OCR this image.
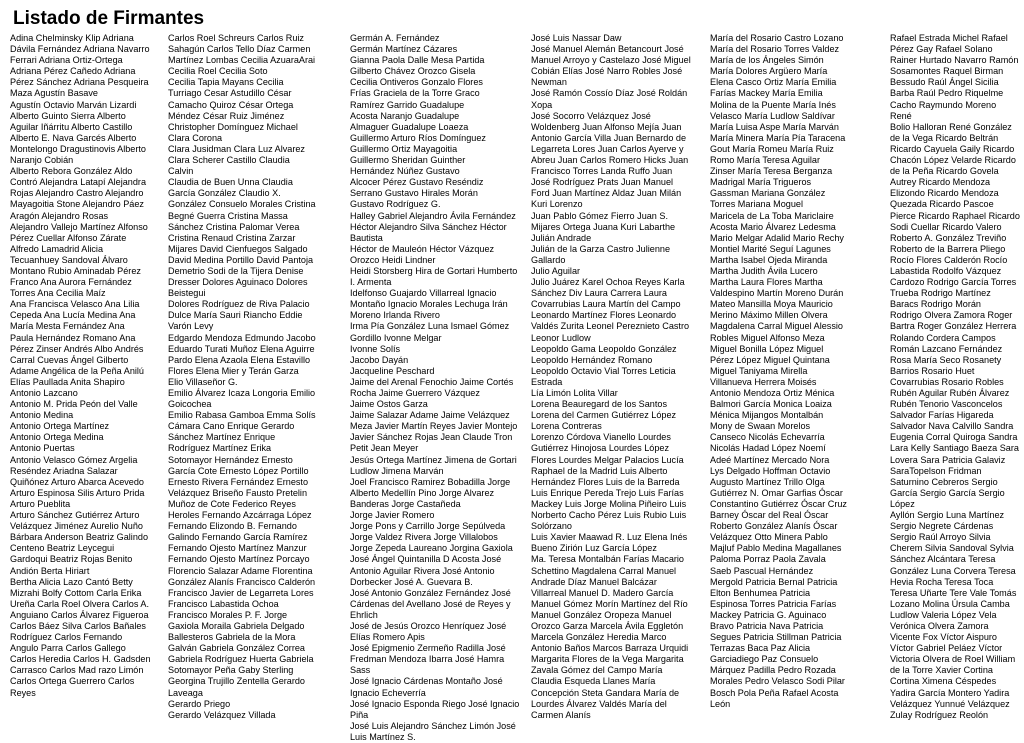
Listado de Firmantes
Adina Chelminsky Klip Adriana
Dávila Fernández Adriana Navarro
Ferrari Adriana Ortiz-Ortega
Adriana Pérez Cañedo Adriana
Pérez Sánchez Adriana Pesqueira
Maza Agustín Basave
Agustín Octavio Marván Lizardi
Alberto Guinto Sierra Alberto
Aguilar Iñárritu Alberto Castillo
Alberto E. Nava Garcés Alberto
Montelongo Dragustinovis Alberto
Naranjo Cobián
Alberto Rebora González Aldo
Contró Alejandra Latapí Alejandra
Rojas Alejandro Castro Alejandro
Mayagoitia Stone Alejandro Páez
Aragón Alejandro Rosas
Alejandro Vallejo Martínez Alfonso
Pérez Cuellar Alfonso Zárate
Alfredo Lamadrid Alicia
Tecuanhuey Sandoval Álvaro
Montano Rubio Aminadab Pérez
Franco Ana Aurora Fernández
Torres Ana Cecilia Maíz
Ana Francisca Velasco Ana Lilia
Cepeda Ana Lucía Medina Ana
María Mesta Fernández Ana
Paula Hernández Romano Ana
Pérez Zinser Andrés Albo Andrés
Carral Cuevas Ángel Gilberto
Adame Angélica de la Peña Anilú
Elías Paullada Anita Shapiro
Antonio Lazcano
Antonio M. Prida Peón del Valle
Antonio Medina
Antonio Ortega Martínez
Antonio Ortega Medina
Antonio Puertas
Antonio Velasco Gómez Argelia
Reséndez Ariadna Salazar
Quiñónez Arturo Abarca Acevedo
Arturo Espinosa Silis Arturo Prida
Arturo Pueblita
Arturo Sánchez Gutiérrez Arturo
Velázquez Jiménez Aurelio Nuño
Bárbara Anderson Beatriz Galindo
Centeno Beatriz Leycegui
Gardoqui Beatriz Rojas Benito
Andión Berta Hiriart
Bertha Alicia Lazo Cantó Betty
Mizrahi Bolfy Cottom Carla Erika
Ureña Carla Roel Olvera Carlos A.
Anguiano Carlos Álvarez Figueroa
Carlos Báez Silva Carlos Bañales
Rodríguez Carlos Fernando
Angulo Parra Carlos Gallego
Carlos Heredia Carlos H. Gadsden
Carrasco Carlos Mad razo Limón
Carlos Ortega Guerrero Carlos
Reyes
Carlos Roel Schreurs Carlos Ruiz
Sahagún Carlos Tello Díaz Carmen
Martínez Lombas Cecilia AzuaraArai
Cecilia Roel Cecilia Soto
Cecilia Tapia Mayans Cecilia
Turriago Cesar Astudillo César
Camacho Quiroz César Ortega
Méndez César Ruiz Jiménez
Christopher Domínguez Michael
Clara Corona
Clara Jusidman Clara Luz Alvarez
Clara Scherer Castillo Claudia
Calvin
Claudia de Buen Unna Claudia
García González Claudio X.
González Consuelo Morales Cristina
Begné Guerra Cristina Massa
Sánchez Cristina Palomar Verea
Cristina Renaud Cristina Zarzar
Mijares David Cienfuegos Salgado
David Medina Portillo David Pantoja
Demetrio Sodi de la Tijera Denise
Dresser Dolores Aguinaco Dolores
Beistegui
Dolores Rodríguez de Riva Palacio
Dulce María Sauri Riancho Eddie
Varón Levy
Edgardo Mendoza Edmundo Jacobo
Eduardo Turati Muñoz Elena Aguirre
Pardo Elena Azaola Elena Estavillo
Flores Elena Mier y Terán Garza
Elio Villaseñor G.
Emilio Álvarez Icaza Longoria Emilio
Goicochea
Emilio Rabasa Gamboa Emma Solís
Cámara Cano Enrique Gerardo
Sánchez Martínez Enrique
Rodríguez Martínez Erika
Sotomayor Hernández Ernesto
García Cote Ernesto López Portillo
Ernesto Rivera Fernández Ernesto
Velázquez Briseño Fausto Pretelin
Muñoz de Cote Federico Reyes
Heroles Fernando Azcárraga López
Fernando Elizondo B. Fernando
Galindo Fernando García Ramírez
Fernando Ojesto Martínez Manzur
Fernando Ojesto Martínez Porcayo
Florencio Salazar Adame Florentina
González Alanís Francisco Calderón
Francisco Javier de Legarreta Lores
Francisco Labastida Ochoa
Francisco Morales P. F. Jorge
Gaxiola Moraila Gabriela Delgado
Ballesteros Gabriela de la Mora
Galván Gabriela González Correa
Gabriela Rodríguez Huerta Gabriela
Sotomayor Peña Gaby Sterling
Georgina Trujillo Zentella Gerardo
Laveaga
Gerardo Priego
Gerardo Velázquez Villada
Germán A. Fernández
Germán Martínez Cázares
Gianna Paola Dalle Mesa Partida
Gilberto Chávez Orozco Gisela
Cecilia Ontiveros Gonzalo Flores
Frías Graciela de la Torre Graco
Ramírez Garrido Guadalupe
Acosta Naranjo Guadalupe
Almaguer Guadalupe Loaeza
Guillermo Arturo Ríos Domínguez
Guillermo Ortiz Mayagoitia
Guillermo Sheridan Guinther
Hernández Núñez Gustavo
Alcocer Pérez Gustavo Reséndiz
Serrano Gustavo Hirales Morán
Gustavo Rodríguez G.
Halley Gabriel Alejandro Ávila Fernández
Héctor Alejandro Silva Sánchez Héctor
Bautista
Héctor de Mauleón Héctor Vázquez
Orozco Heidi Lindner
Heidi Storsberg Hira de Gortari Humberto
I. Armenta
Idelfonso Guajardo Villarreal Ignacio
Montaño Ignacio Morales Lechuga Irán
Moreno Irlanda Rivero
Irma Pía González Luna Ismael Gómez
Gordillo Ivonne Melgar
Ivonne Solís
Jacobo Dayán
Jacqueline Peschard
Jaime del Arenal Fenochio Jaime Cortés
Rocha Jaime Guerrero Vázquez
Jaime Ostos Garza
Jaime Salazar Adame Jaime Velázquez
Meza Javier Martín Reyes Javier Montejo
Javier Sánchez Rojas Jean Claude Tron
Petit Jean Meyer
Jesús Ortega Martínez Jimena de Gortari
Ludlow Jimena Marván
Joel Francisco Ramirez Bobadilla Jorge
Alberto Medellín Pino Jorge Alvarez
Banderas Jorge Castañeda
Jorge Javier Romero
Jorge Pons y Carrillo Jorge Sepúlveda
Jorge Valdez Rivera Jorge Villalobos
Jorge Zepeda Laureano Jorgina Gaxiola
José Ángel Quintanilla D Acosta José
Antonio Aguilar Rivera José Antonio
Dorbecker José A. Guevara B.
José Antonio González Fernández José
Cárdenas del Avellano José de Reyes y
Ehrlich
José de Jesús Orozco Henríquez José
Elías Romero Apis
José Epigmenio Zermeño Radilla José
Fredman Mendoza Ibarra José Hamra
Sass
José Ignacio Cárdenas Montaño José
Ignacio Echeverría
José Ignacio Esponda Riego José Ignacio
Piña
José Luis Alejandro Sánchez Limón José
Luis Martínez S.
José Luis Nassar Daw
José Manuel Alemán Betancourt José
Manuel Arroyo y Castelazo José Miguel
Cobián Elías José Narro Robles José
Newman
José Ramón Cossío Díaz José Roldán
Xopa
José Socorro Velázquez José
Woldenberg Juan Alfonso Mejía Juan
Antonio García Villa Juan Bernardo de
Legarreta Lores Juan Carlos Ayerve y
Abreu Juan Carlos Romero Hicks Juan
Francisco Torres Landa Ruffo Juan
José Rodríguez Prats Juan Manuel
Ford Juan Martínez Aldaz Juan Milán
Kuri Lorenzo
Juan Pablo Gómez Fierro Juan S.
Mijares Ortega Juana Kuri Labarthe
Julián Andrade
Julián de la Garza Castro Julienne
Gallardo
Julio Aguilar
Julio Juárez Karel Ochoa Reyes Karla
Sánchez Div Laura Carrera Laura
Covarrubias Laura Martín del Campo
Leonardo Martínez Flores Leonardo
Valdés Zurita Leonel Pereznieto Castro
Leonor Ludlow
Leopoldo Gama Leopoldo González
Leopoldo Hernández Romano
Leopoldo Octavio Vial Torres Leticia
Estrada
Lía Limón Lolita Villar
Lorena Beauregard de los Santos
Lorena del Carmen Gutiérrez López
Lorena Contreras
Lorenzo Córdova Vianello Lourdes
Gutiérrez Hinojosa Lourdes López
Flores Lourdes Melgar Palacios Lucía
Raphael de la Madrid Luis Alberto
Hernández Flores Luis de la Barreda
Luis Enrique Pereda Trejo Luis Farías
Mackey Luis Jorge Molina Piñeiro Luis
Norberto Cacho Pérez Luis Rubio Luis
Solórzano
Luis Xavier Maawad R. Luz Elena Inés
Bueno Zirión Luz García López
Ma. Teresa Montalbán Farías Macario
Schettino Magdalena Carral Manuel
Andrade Díaz Manuel Balcázar
Villarreal Manuel D. Madero García
Manuel Gómez Morín Martínez del Río
Manuel González Oropeza Manuel
Orozco Garza Marcela Ávila Eggletón
Marcela González Heredia Marco
Antonio Baños Marcos Barraza Urquidi
Margarita Flores de la Vega Margarita
Zavala Gómez del Campo María
Claudia Esqueda Llanes María
Concepción Steta Gandara María de
Lourdes Álvarez Valdés María del
Carmen Alanís
María del Rosario Castro Lozano
María del Rosario Torres Valdez
María de los Ángeles Simón
María Dolores Argüero María
Elena Casco Ortiz María Emilia
Farías Mackey María Emilia
Molina de la Puente María Inés
Velasco María Ludlow Saldívar
María Luisa Aspe María Marván
María Minera María Pía Taracena
Gout María Romeu María Ruiz
Romo María Teresa Aguilar
Zinser María Teresa Berganza
Madrigal María Trigueros
Gassman Mariana González
Torres Mariana Moguel
Maricela de La Toba Mariclaire
Acosta Mario Álvarez Ledesma
Mario Melgar Adalid Mario Rechy
Montiel Marité Seguí Lagunes
Martha Isabel Ojeda Miranda
Martha Judith Ávila Lucero
Martha Laura Flores Martha
Valdespino Martín Moreno Durán
Mateo Mansilla Moya Mauricio
Merino Máximo Millen Olvera
Magdalena Carral Miguel Alessio
Robles Miguel Alfonso Meza
Miguel Bonilla López Miguel
Pérez López Miguel Quintana
Miguel Taniyama Mirella
Villanueva Herrera Moisés
Antonio Mendoza Ortiz Ménica
Balmori García Monica Loaiza
Ménica Mijangos Montalbán
Mony de Swaan Morelos
Canseco Nicolás Echevarría
Nicolás Hadad López Noemí
Adeé Martínez Mercado Nora
Lys Delgado Hoffman Octavio
Augusto Martínez Trillo Olga
Gutiérrez N. Omar Garfias Óscar
Constantino Gutiérrez Óscar Cruz
Barney Óscar del Real Óscar
Roberto González Alanís Óscar
Velázquez Otto Minera Pablo
Majluf Pablo Medina Magallanes
Paloma Porraz Paola Zavala
Saeb Pascual Hernández
Mergold Patricia Bernal Patricia
Elton Benhumea Patricia
Espinosa Torres Patricia Farías
Mackey Patricia G. Aguinaco
Bravo Patricia Nava Patricia
Segues Patricia Stillman Patricia
Terrazas Baca Paz Alicia
Garciadiego Paz Consuelo
Márquez Padilla Pedro Rozada
Morales Pedro Velasco Sodi Pilar
Bosch Pola Peña Rafael Acosta
León
Rafael Estrada Michel Rafael
Pérez Gay Rafael Solano
Rainer Hurtado Navarro Ramón
Sosamontes Raquel Birman
Bessudo Raúl Ángel Sicilia
Barba Raúl Pedro Riquelme
Cacho Raymundo Moreno René
Bolio Halloran René González
de la Vega Ricardo Beltrán
Ricardo Cayuela Gaily Ricardo
Chacón López Velarde Ricardo
de la Peña Ricardo Govela
Autrey Ricardo Mendoza
Elizondo Ricardo Mendoza
Quezada Ricardo Pascoe
Pierce Ricardo Raphael Ricardo
Sodi Cuellar Ricardo Valero
Roberto A. González Treviño
Roberto de la Barrera Pliego
Rocío Flores Calderón Rocío
Labastida Rodolfo Vázquez
Cardozo Rodrigo García Torres
Trueba Rodrigo Martínez
Baracs Rodrigo Morán
Rodrigo Olvera Zamora Roger
Bartra Roger González Herrera
Rolando Cordera Campos
Román Lazcano Fernández
Rosa María Seco Rosanety
Barrios Rosario Huet
Covarrubias Rosario Robles
Rubén Aguilar Rubén Álvarez
Rubén Tenorio Vasconcelos
Salvador Farías Higareda
Salvador Nava Calvillo Sandra
Eugenia Corral Quiroga Sandra
Lara Kelly Santiago Baeza Sara
Lovera Sara Patricia Galaviz
SaraTopelson Fridman
Saturnino Cebreros Sergio
García Sergio García Sergio López
Ayllón Sergio Luna Martínez
Sergio Negrete Cárdenas
Sergio Raúl Arroyo Silvia
Cherem Silvia Sandoval Sylvia
Sánchez Alcántara Teresa
González Luna Corvera Teresa
Hevia Rocha Teresa Toca
Teresa Uñarte Tere Vale Tomás
Lozano Molina Úrsula Camba
Ludlow Valeria López Vela
Verónica Olvera Zamora
Vicente Fox Víctor Aispuro
Víctor Gabriel Peláez Víctor
Victoria Olvera de Roel William
de la Torre Xavier Cortina
Cortina Ximena Céspedes
Yadira García Montero Yadira
Velázquez Yunnué Velázquez
Zulay Rodríguez Reolón
